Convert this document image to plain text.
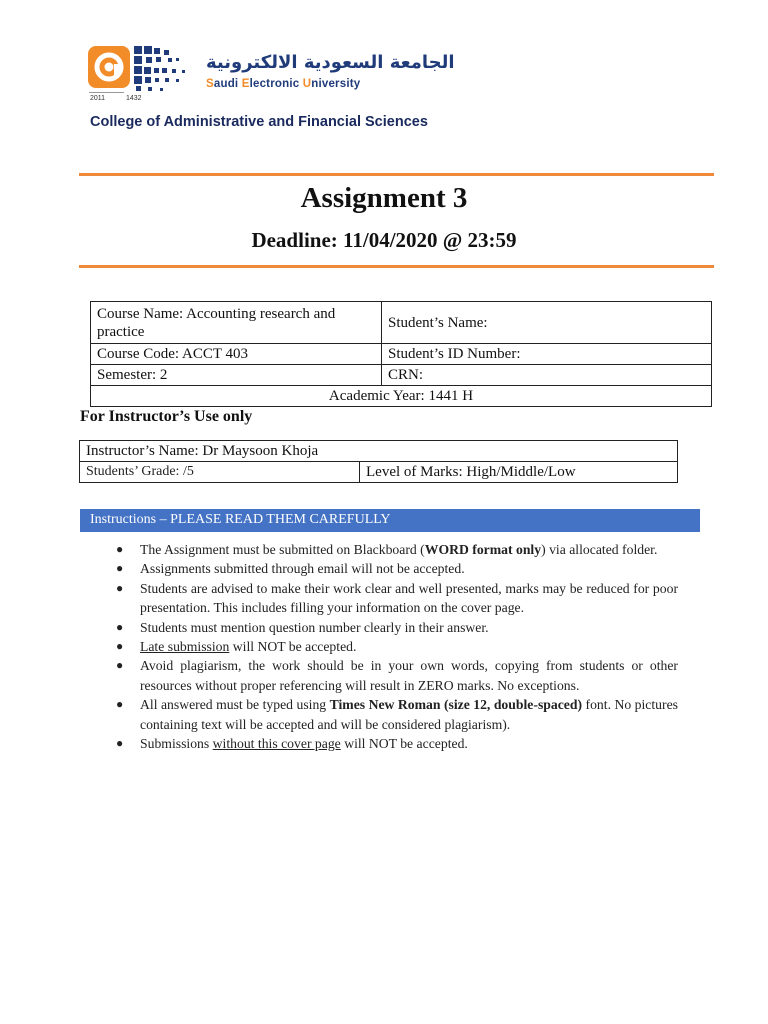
2011	1432
الجامعة السعودية الالكترونية
Saudi Electronic University
College of Administrative and Financial Sciences
Assignment 3
Deadline: 11/04/2020 @ 23:59
Course Name: Accounting research and practice	Student’s Name:
Course Code: ACCT 403	Student’s ID Number:
Semester: 2	CRN:
Academic Year: 1441 H	
For Instructor’s Use only
Instructor’s Name: Dr Maysoon Khoja
Students’ Grade: /5	Level of Marks: High/Middle/Low
Instructions – PLEASE READ THEM CAREFULLY
● The Assignment must be submitted on Blackboard (WORD format only) via allocated folder.
● Assignments submitted through email will not be accepted.
● Students are advised to make their work clear and well presented, marks may be reduced for poor presentation. This includes filling your information on the cover page.
● Students must mention question number clearly in their answer.
● Late submission will NOT be accepted.
● Avoid plagiarism, the work should be in your own words, copying from students or other resources without proper referencing will result in ZERO marks. No exceptions.
● All answered must be typed using Times New Roman (size 12, double-spaced) font. No pictures containing text will be accepted and will be considered plagiarism).
● Submissions without this cover page will NOT be accepted.
